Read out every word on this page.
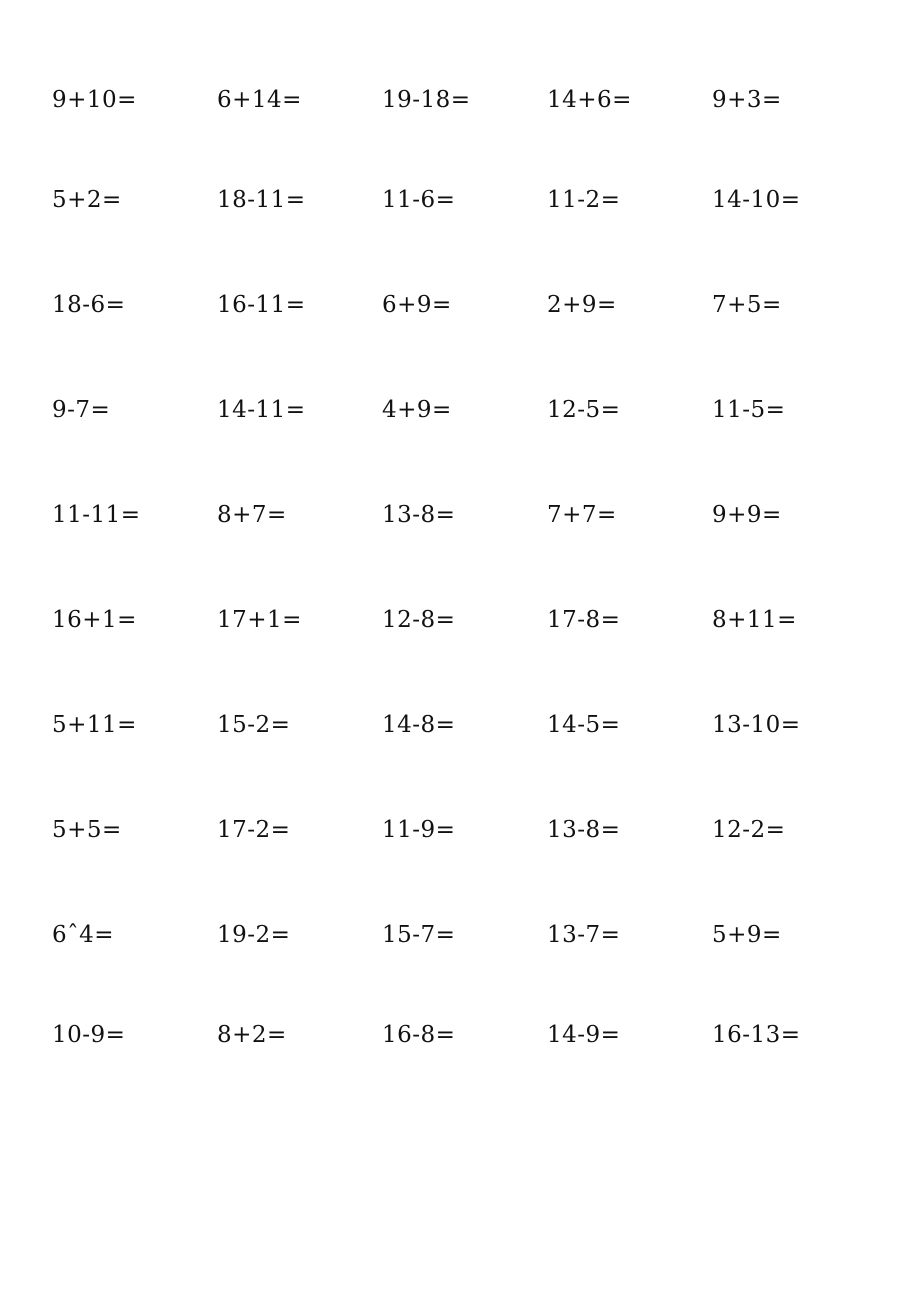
9+10=	6+14=	19-18=	14+6=	9+3=
5+2=	18-11=	11-6=	11-2=	14-10=
18-6=	16-11=	6+9=	2+9=	7+5=
9-7=	14-11=	4+9=	12-5=	11-5=
11-11=	8+7=	13-8=	7+7=	9+9=
16+1=	17+1=	12-8=	17-8=	8+11=
5+11=	15-2=	14-8=	14-5=	13-10=
5+5=	17-2=	11-9=	13-8=	12-2=
6ˆ4=	19-2=	15-7=	13-7=	5+9=
10-9=	8+2=	16-8=	14-9=	16-13=
